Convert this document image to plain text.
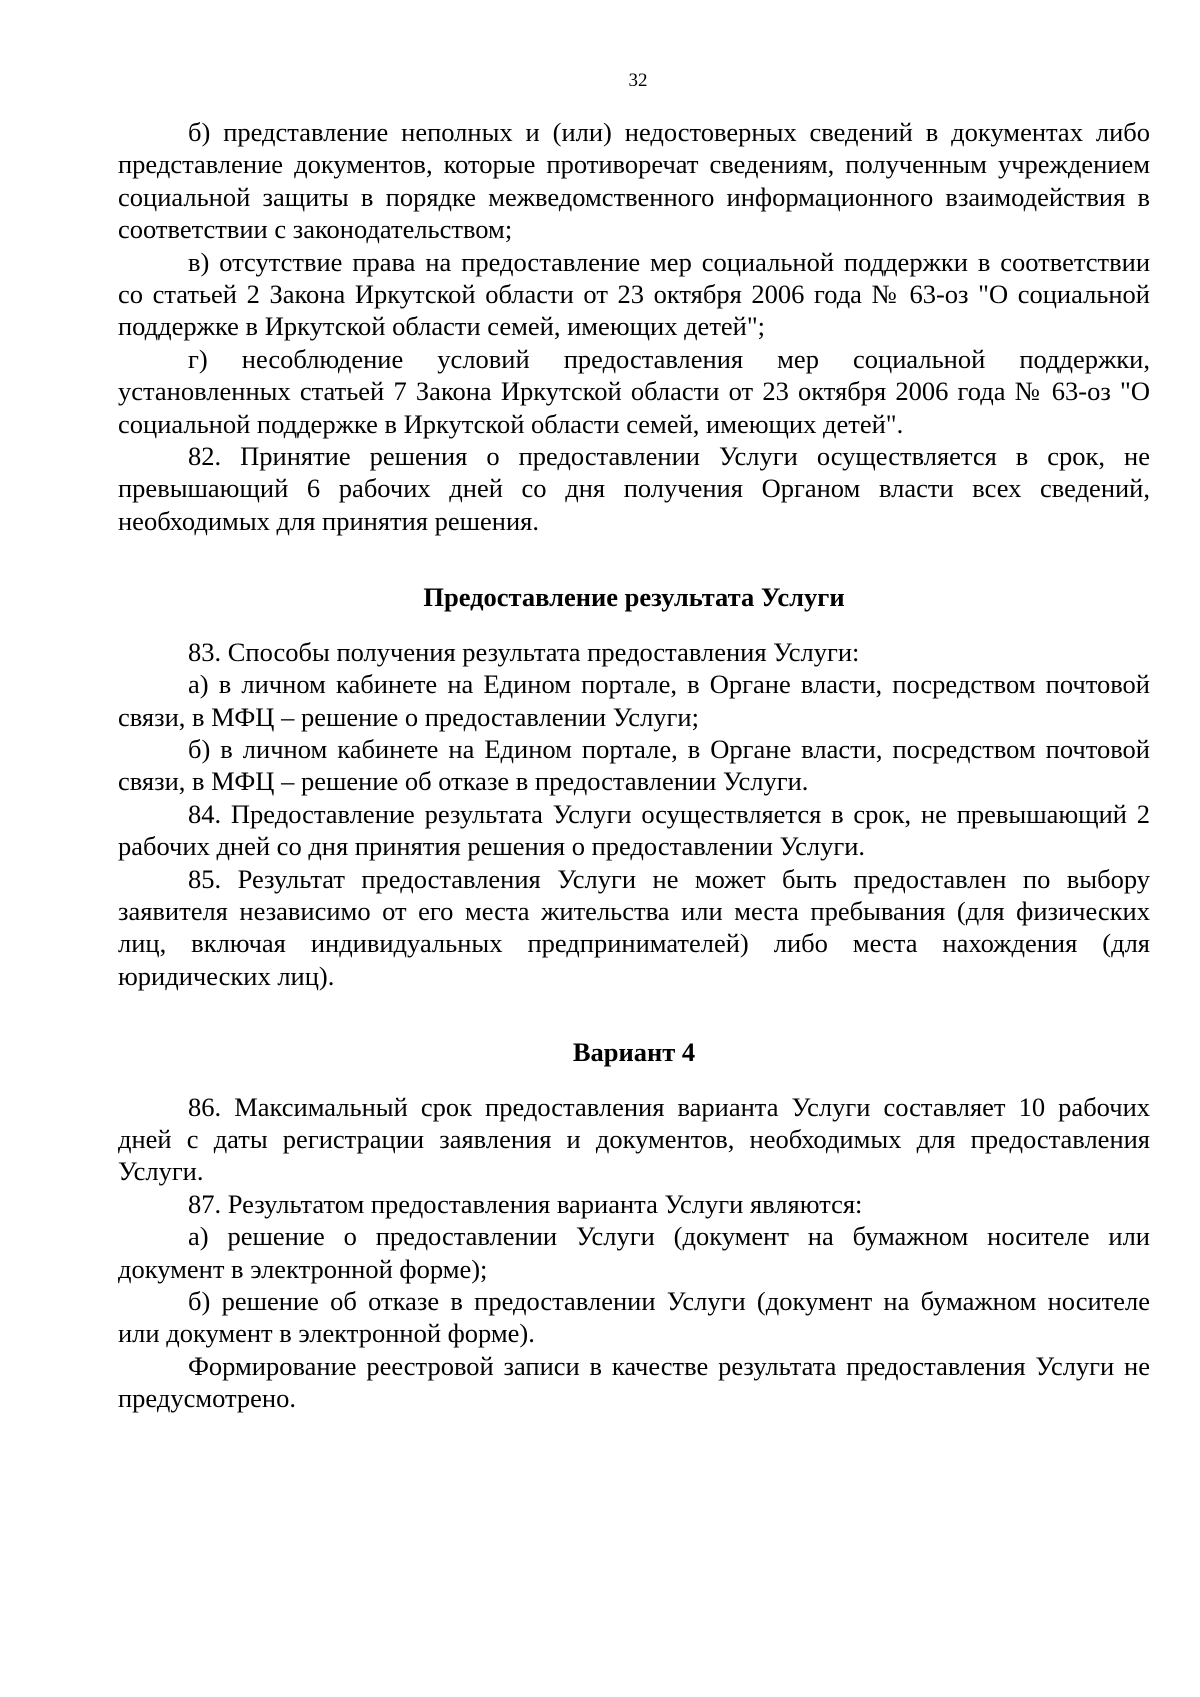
32

б) представление неполных и (или) недостоверных сведений в документах либо представление документов, которые противоречат сведениям, полученным учреждением социальной защиты в порядке межведомственного информационного взаимодействия в соответствии с законодательством;

в) отсутствие права на предоставление мер социальной поддержки в соответствии со статьей 2 Закона Иркутской области от 23 октября 2006 года № 63-оз "О социальной поддержке в Иркутской области семей, имеющих детей";

г) несоблюдение условий предоставления мер социальной поддержки, установленных статьей 7 Закона Иркутской области от 23 октября 2006 года № 63-оз "О социальной поддержке в Иркутской области семей, имеющих детей".

82. Принятие решения о предоставлении Услуги осуществляется в срок, не превышающий 6 рабочих дней со дня получения Органом власти всех сведений, необходимых для принятия решения.

Предоставление результата Услуги

83. Способы получения результата предоставления Услуги:

а) в личном кабинете на Едином портале, в Органе власти, посредством почтовой связи, в МФЦ – решение о предоставлении Услуги;

б) в личном кабинете на Едином портале, в Органе власти, посредством почтовой связи, в МФЦ – решение об отказе в предоставлении Услуги.

84. Предоставление результата Услуги осуществляется в срок, не превышающий 2 рабочих дней со дня принятия решения о предоставлении Услуги.

85. Результат предоставления Услуги не может быть предоставлен по выбору заявителя независимо от его места жительства или места пребывания (для физических лиц, включая индивидуальных предпринимателей) либо места нахождения (для юридических лиц).

Вариант 4

86. Максимальный срок предоставления варианта Услуги составляет 10 рабочих дней с даты регистрации заявления и документов, необходимых для предоставления Услуги.

87. Результатом предоставления варианта Услуги являются:

а) решение о предоставлении Услуги (документ на бумажном носителе или документ в электронной форме);

б) решение об отказе в предоставлении Услуги (документ на бумажном носителе или документ в электронной форме).

Формирование реестровой записи в качестве результата предоставления Услуги не предусмотрено.
